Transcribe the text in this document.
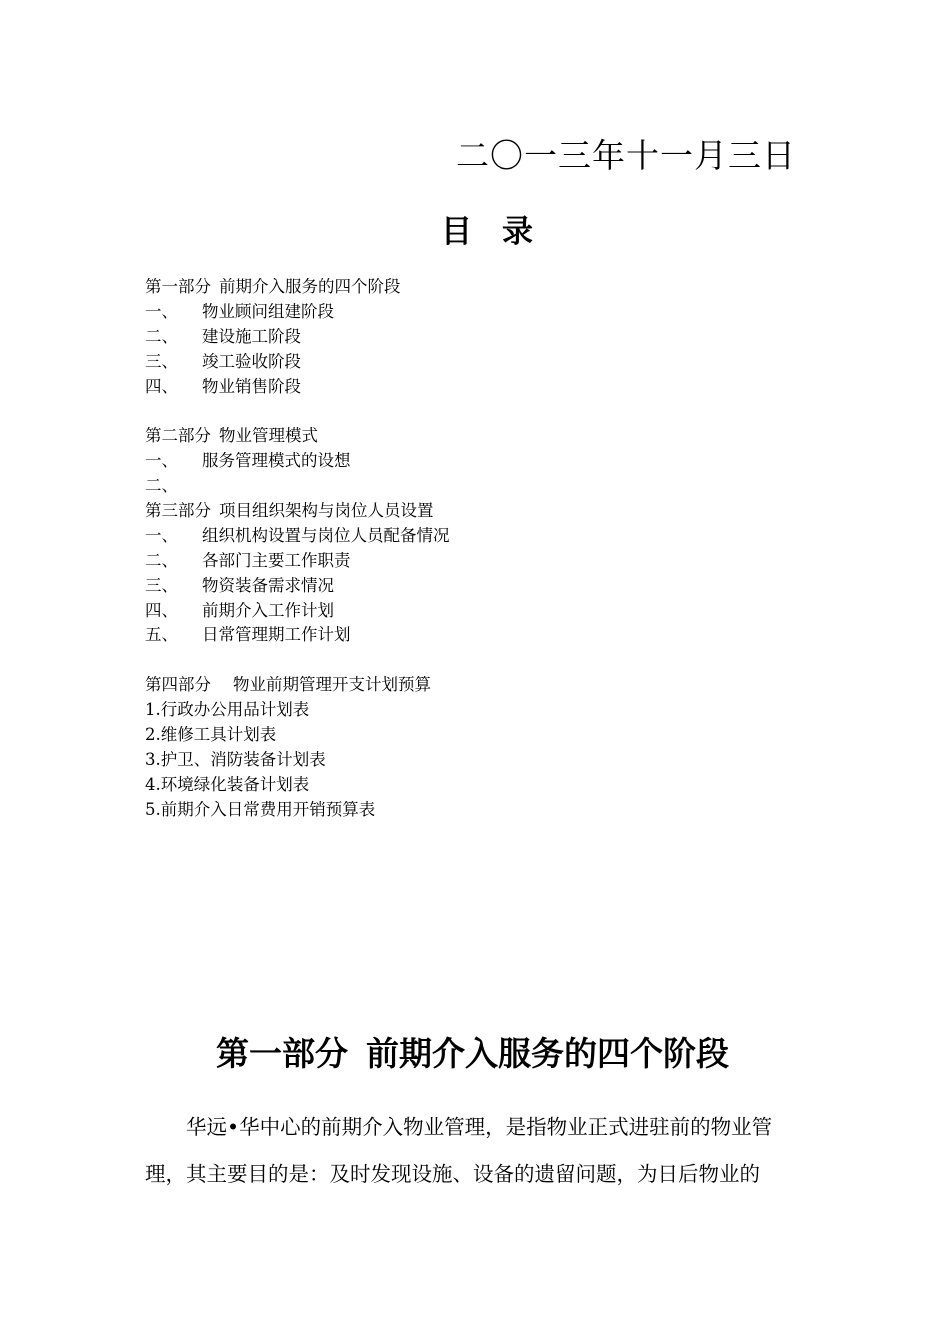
二〇一三年十一月三日
目 录
第一部分 前期介入服务的四个阶段
一、 物业顾问组建阶段
二、 建设施工阶段
三、 竣工验收阶段
四、 物业销售阶段
第二部分 物业管理模式
一、 服务管理模式的设想
二、
第三部分 项目组织架构与岗位人员设置
一、 组织机构设置与岗位人员配备情况
二、 各部门主要工作职责
三、 物资装备需求情况
四、 前期介入工作计划
五、 日常管理期工作计划
第四部分 物业前期管理开支计划预算
1.行政办公用品计划表
2.维修工具计划表
3.护卫、消防装备计划表
4.环境绿化装备计划表
5.前期介入日常费用开销预算表
第一部分 前期介入服务的四个阶段

华远•华中心的前期介入物业管理，是指物业正式进驻前的物业管

理，其主要目的是：及时发现设施、设备的遗留问题，为日后物业的
